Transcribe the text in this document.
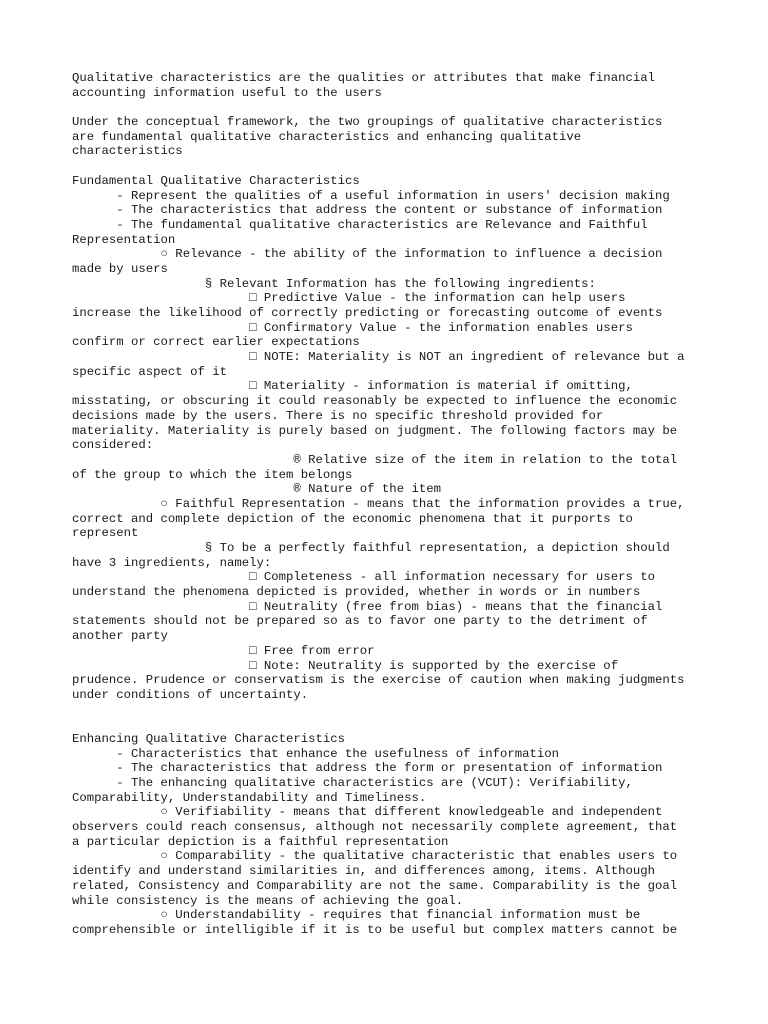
Qualitative characteristics are the qualities or attributes that make financial
accounting information useful to the users
Under the conceptual framework, the two groupings of qualitative characteristics
are fundamental qualitative characteristics and enhancing qualitative
characteristics
Fundamental Qualitative Characteristics
- Represent the qualities of a useful information in users' decision making
- The characteristics that address the content or substance of information
- The fundamental qualitative characteristics are Relevance and Faithful
Representation
○ Relevance - the ability of the information to influence a decision
made by users
§ Relevant Information has the following ingredients:
□ Predictive Value - the information can help users
increase the likelihood of correctly predicting or forecasting outcome of events
□ Confirmatory Value - the information enables users
confirm or correct earlier expectations
□ NOTE: Materiality is NOT an ingredient of relevance but a
specific aspect of it
□ Materiality - information is material if omitting,
misstating, or obscuring it could reasonably be expected to influence the economic
decisions made by the users. There is no specific threshold provided for
materiality. Materiality is purely based on judgment. The following factors may be
considered:
® Relative size of the item in relation to the total
of the group to which the item belongs
® Nature of the item
○ Faithful Representation - means that the information provides a true,
correct and complete depiction of the economic phenomena that it purports to
represent
§ To be a perfectly faithful representation, a depiction should
have 3 ingredients, namely:
□ Completeness - all information necessary for users to
understand the phenomena depicted is provided, whether in words or in numbers
□ Neutrality (free from bias) - means that the financial
statements should not be prepared so as to favor one party to the detriment of
another party
□ Free from error
□ Note: Neutrality is supported by the exercise of
prudence. Prudence or conservatism is the exercise of caution when making judgments
under conditions of uncertainty.
Enhancing Qualitative Characteristics
- Characteristics that enhance the usefulness of information
- The characteristics that address the form or presentation of information
- The enhancing qualitative characteristics are (VCUT): Verifiability,
Comparability, Understandability and Timeliness.
○ Verifiability - means that different knowledgeable and independent
observers could reach consensus, although not necessarily complete agreement, that
a particular depiction is a faithful representation
○ Comparability - the qualitative characteristic that enables users to
identify and understand similarities in, and differences among, items. Although
related, Consistency and Comparability are not the same. Comparability is the goal
while consistency is the means of achieving the goal.
○ Understandability - requires that financial information must be
comprehensible or intelligible if it is to be useful but complex matters cannot be
